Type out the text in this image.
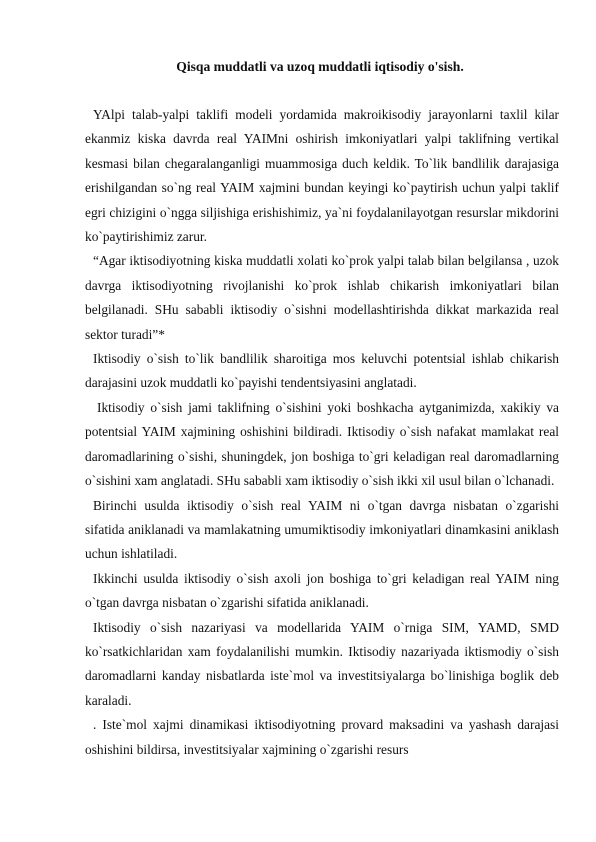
Qisqa muddatli va uzoq muddatli iqtisodiy o'sish.

YAlpi talab-yalpi taklifi modeli yordamida makroikisodiy jarayonlarni taxlil kilar ekanmiz kiska davrda real YAIMni oshirish imkoniyatlari yalpi taklifning vertikal kesmasi bilan chegaralanganligi muammosiga duch keldik. To`lik bandlilik darajasiga erishilgandan so`ng real YAIM xajmini bundan keyingi ko`paytirish uchun yalpi taklif egri chizigini o`ngga siljishiga erishishimiz, ya`ni foydalanilayotgan resurslar mikdorini ko`paytirishimiz zarur.

“Agar iktisodiyotning kiska muddatli xolati ko`prok yalpi talab bilan belgilansa , uzok davrga iktisodiyotning rivojlanishi ko`prok ishlab chikarish imkoniyatlari bilan belgilanadi. SHu sababli iktisodiy o`sishni modellashtirishda dikkat markazida real sektor turadi”*

Iktisodiy o`sish to`lik bandlilik sharoitiga mos keluvchi potentsial ishlab chikarish darajasini uzok muddatli ko`payishi tendentsiyasini anglatadi.

Iktisodiy o`sish jami taklifning o`sishini yoki boshkacha aytganimizda, xakikiy va potentsial YAIM xajmining oshishini bildiradi. Iktisodiy o`sish nafakat mamlakat real daromadlarining o`sishi, shuningdek, jon boshiga to`gri keladigan real daromadlarning o`sishini xam anglatadi. SHu sababli xam iktisodiy o`sish ikki xil usul bilan o`lchanadi.

Birinchi usulda iktisodiy o`sish real YAIM ni o`tgan davrga nisbatan o`zgarishi sifatida aniklanadi va mamlakatning umumiktisodiy imkoniyatlari dinamkasini aniklash uchun ishlatiladi.

Ikkinchi usulda iktisodiy o`sish axoli jon boshiga to`gri keladigan real YAIM ning o`tgan davrga nisbatan o`zgarishi sifatida aniklanadi.

Iktisodiy o`sish nazariyasi va modellarida YAIM o`rniga SIM, YAMD, SMD ko`rsatkichlaridan xam foydalanilishi mumkin. Iktisodiy nazariyada iktismodiy o`sish daromadlarni kanday nisbatlarda iste`mol va investitsiyalarga bo`linishiga boglik deb karaladi.

. Iste`mol xajmi dinamikasi iktisodiyotning provard maksadini va yashash darajasi oshishini bildirsa, investitsiyalar xajmining o`zgarishi resurs
